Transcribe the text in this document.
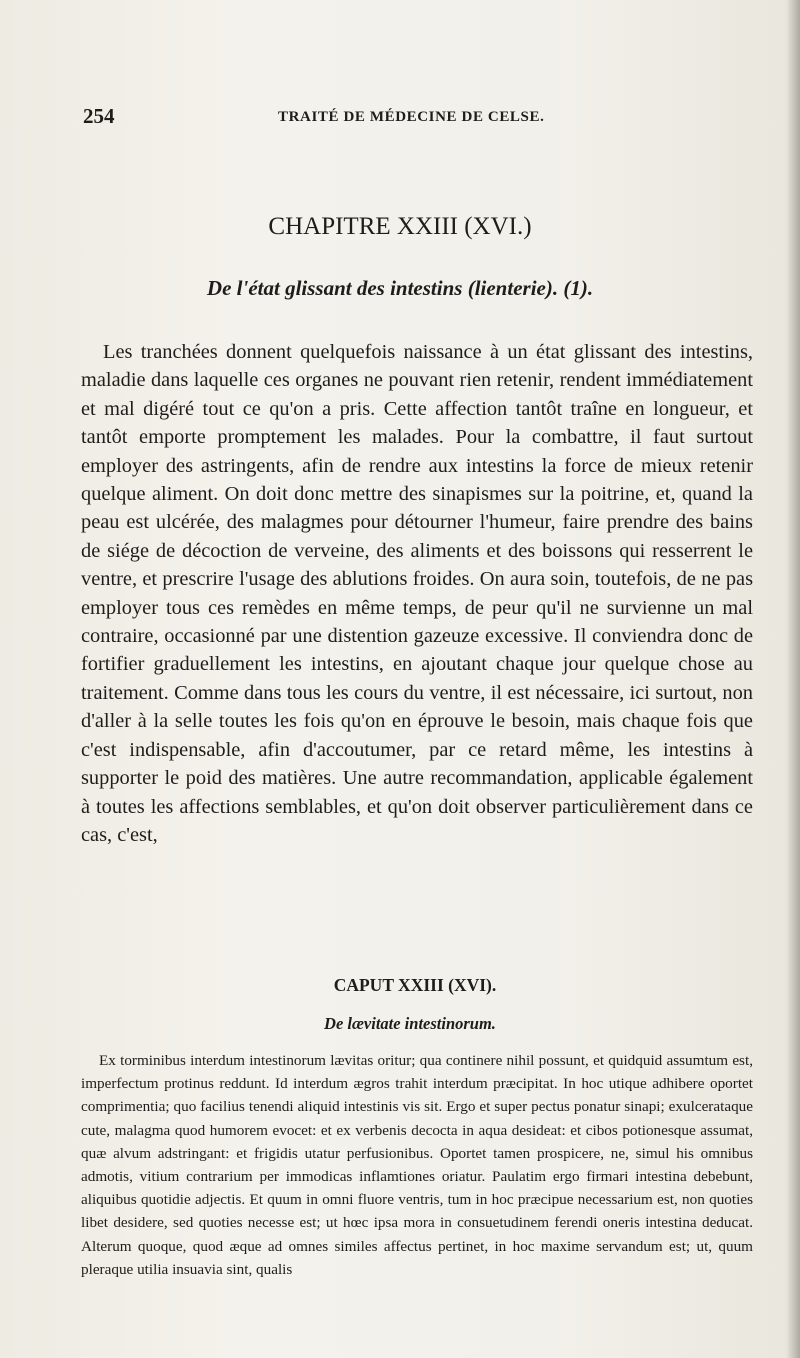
254	TRAITÉ DE MÉDECINE DE CELSE.
CHAPITRE XXIII (XVI.)
De l'état glissant des intestins (lienterie). (1).

Les tranchées donnent quelquefois naissance à un état glissant des intestins, maladie dans laquelle ces organes ne pouvant rien retenir, rendent immédiatement et mal digéré tout ce qu'on a pris. Cette affection tantôt traîne en longueur, et tantôt emporte promptement les malades. Pour la combattre, il faut surtout employer des astringents, afin de rendre aux intestins la force de mieux retenir quelque aliment. On doit donc mettre des sinapismes sur la poitrine, et, quand la peau est ulcérée, des malagmes pour détourner l'humeur, faire prendre des bains de siége de décoction de verveine, des aliments et des boissons qui resserrent le ventre, et prescrire l'usage des ablutions froides. On aura soin, toutefois, de ne pas employer tous ces remèdes en même temps, de peur qu'il ne survienne un mal contraire, occasionné par une distention gazeuze excessive. Il conviendra donc de fortifier graduellement les intestins, en ajoutant chaque jour quelque chose au traitement. Comme dans tous les cours du ventre, il est nécessaire, ici surtout, non d'aller à la selle toutes les fois qu'on en éprouve le besoin, mais chaque fois que c'est indispensable, afin d'accoutumer, par ce retard même, les intestins à supporter le poid des matières. Une autre recommandation, applicable également à toutes les affections semblables, et qu'on doit observer particulièrement dans ce cas, c'est,

CAPUT XXIII (XVI).
De lævitate intestinorum.

Ex torminibus interdum intestinorum lævitas oritur; qua continere nihil possunt, et quidquid assumtum est, imperfectum protinus reddunt. Id interdum ægros trahit interdum præcipitat. In hoc utique adhibere oportet comprimentia; quo facilius tenendi aliquid intestinis vis sit. Ergo et super pectus ponatur sinapi; exulcerataque cute, malagma quod humorem evocet: et ex verbenis decocta in aqua desideat: et cibos potionesque assumat, quæ alvum adstringant: et frigidis utatur perfusionibus. Oportet tamen prospicere, ne, simul his omnibus admotis, vitium contrarium per immodicas inflamtiones oriatur. Paulatim ergo firmari intestina debebunt, aliquibus quotidie adjectis. Et quum in omni fluore ventris, tum in hoc præcipue necessarium est, non quoties libet desidere, sed quoties necesse est; ut hœc ipsa mora in consuetudinem ferendi oneris intestina deducat. Alterum quoque, quod æque ad omnes similes affectus pertinet, in hoc maxime servandum est; ut, quum pleraque utilia insuavia sint, qualis
